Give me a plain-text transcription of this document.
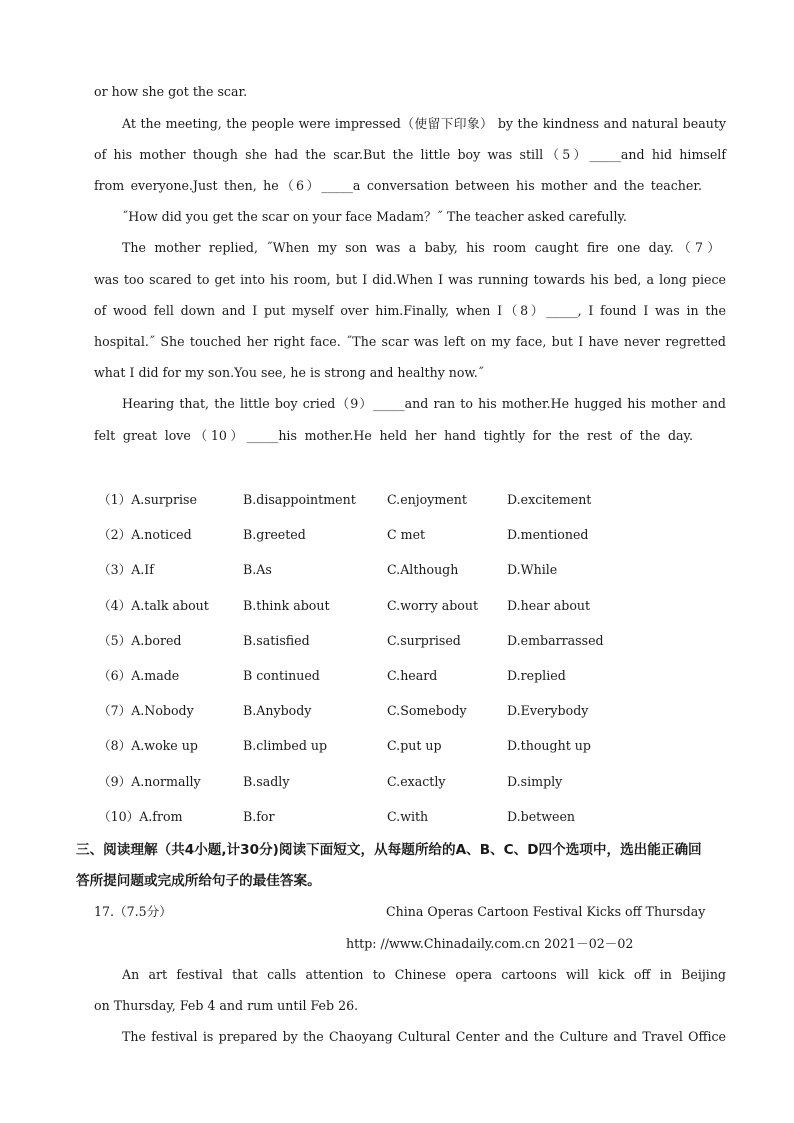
or how she got the scar.
At the meeting, the people were impressed（使留下印象） by the kindness and natural beauty
of his mother though she had the scar.But the little boy was still（5）_____and hid himself
from everyone.Just then, he（6）_____a conversation between his mother and the teacher.
˝How did you get the scar on your face Madam？˝ The teacher asked carefully.
The mother replied, ˝When my son was a baby, his room caught fire one day.（7）
was too scared to get into his room, but I did.When I was running towards his bed, a long piece
of wood fell down and I put myself over him.Finally, when I（8）_____, I found I was in the
hospital.˝ She touched her right face. ˝The scar was left on my face, but I have never regretted
what I did for my son.You see, he is strong and healthy now.˝
Hearing that, the little boy cried（9）_____and ran to his mother.He hugged his mother and
felt great love（10）_____his mother.He held her hand tightly for the rest of the day.
（1）A.surprise	B.disappointment C.enjoyment	D.excitement
（2）A.noticed	B.greeted	C met	D.mentioned
（3）A.If	B.As	C.Although	D.While
（4）A.talk about	B.think about	C.worry about D.hear about
（5）A.bored	B.satisfied	C.surprised	D.embarrassed
（6）A.made	B continued	C.heard	D.replied
（7）A.Nobody	B.Anybody	C.Somebody	D.Everybody
（8）A.woke up	B.climbed up	C.put up	D.thought up
（9）A.normally	B.sadly	C.exactly	D.simply
（10）A.from	B.for	C.with	D.between
三、阅读理解（共4小题,计30分)阅读下面短文，从每题所给的A、B、C、D四个选项中，选出能正确回
答所提问题或完成所给句子的最佳答案。
17.（7.5分）	China Operas Cartoon Festival Kicks off Thursday
http: //www.Chinadaily.com.cn 2021－02－02
An art festival that calls attention to Chinese opera cartoons will kick off in Beijing
on Thursday, Feb 4 and rum until Feb 26.
The festival is prepared by the Chaoyang Cultural Center and the Culture and Travel Office
